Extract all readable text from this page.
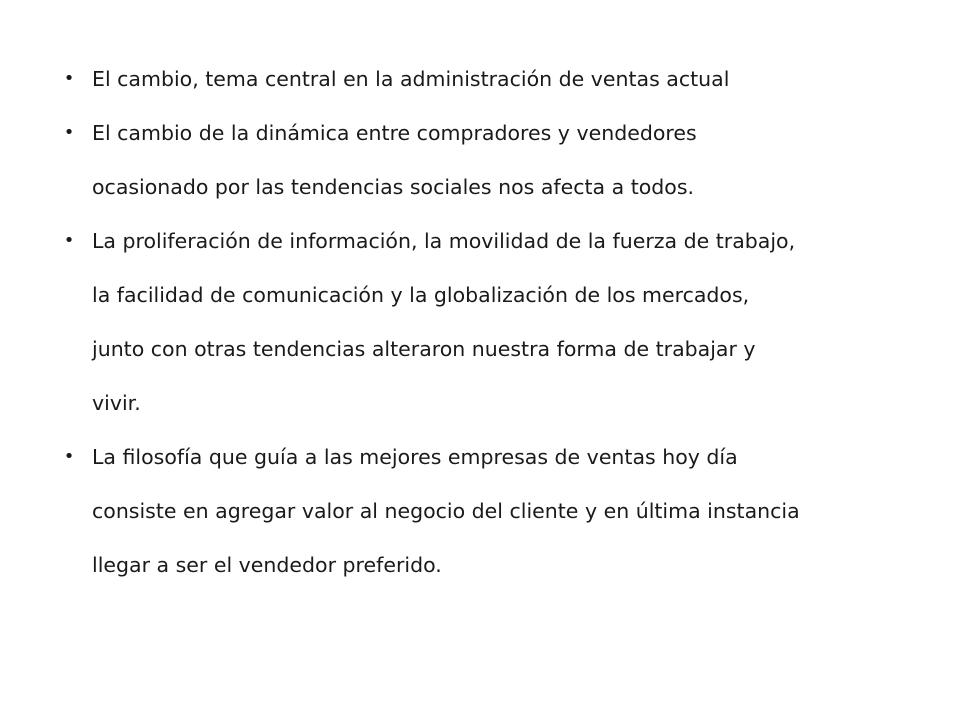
• El cambio, tema central en la administración de ventas actual
• El cambio de la dinámica entre compradores y vendedores
ocasionado por las tendencias sociales nos afecta a todos.
• La proliferación de información, la movilidad de la fuerza de trabajo,
la facilidad de comunicación y la globalización de los mercados,
junto con otras tendencias alteraron nuestra forma de trabajar y
vivir.
• La filosofía que guía a las mejores empresas de ventas hoy día
consiste en agregar valor al negocio del cliente y en última instancia
llegar a ser el vendedor preferido.
